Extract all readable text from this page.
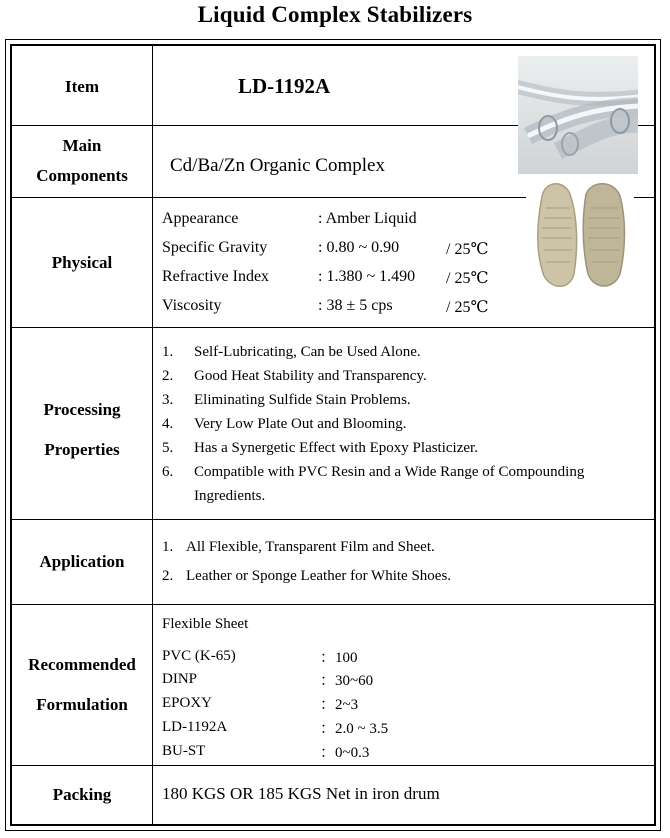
Liquid Complex Stabilizers
Item	LD-1192A
Main
Components	Cd/Ba/Zn Organic Complex
Physical
Appearance	: Amber Liquid
Specific Gravity	: 0.80 ~ 0.90	/ 25℃
Refractive Index	: 1.380 ~ 1.490 / 25℃
Viscosity	: 38 ± 5 cps	/ 25℃
Processing
Properties
1. Self-Lubricating, Can be Used Alone.
2. Good Heat Stability and Transparency.
3. Eliminating Sulfide Stain Problems.
4. Very Low Plate Out and Blooming.
5. Has a Synergetic Effect with Epoxy Plasticizer.
6. Compatible with PVC Resin and a Wide Range of Compounding
Ingredients.
Application
1. All Flexible, Transparent Film and Sheet.
2. Leather or Sponge Leather for White Shoes.
Recommended
Formulation
Flexible Sheet
PVC (K-65)	：100
DINP	：30~60
EPOXY	：2~3
LD-1192A	：2.0 ~ 3.5
BU-ST	：0~0.3
Packing	180 KGS OR 185 KGS Net in iron drum
